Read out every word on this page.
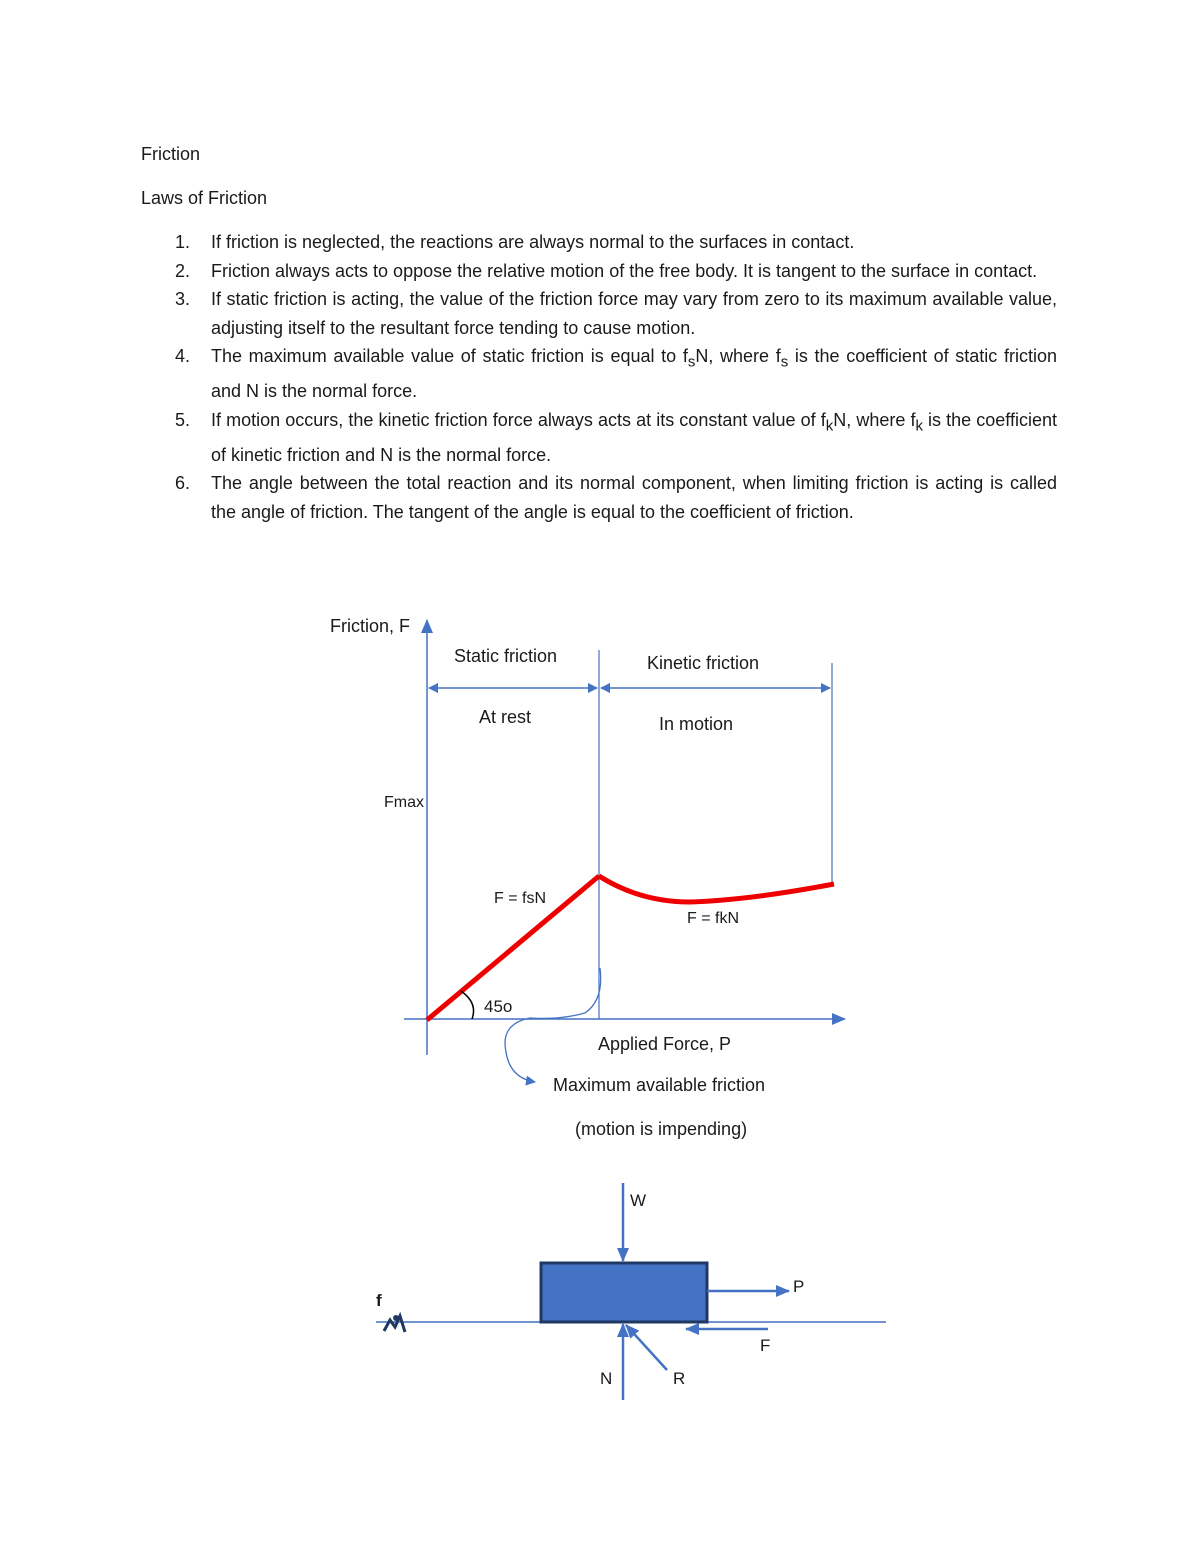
Friction
Laws of Friction
1. If friction is neglected, the reactions are always normal to the surfaces in contact.
2. Friction always acts to oppose the relative motion of the free body. It is tangent to the surface in contact.
3. If static friction is acting, the value of the friction force may vary from zero to its maximum available value, adjusting itself to the resultant force tending to cause motion.
4. The maximum available value of static friction is equal to $f_sN$, where $f_s$ is the coefficient of static friction and N is the normal force.
5. If motion occurs, the kinetic friction force always acts at its constant value of $f_kN$, where $f_k$ is the coefficient of kinetic friction and N is the normal force.
6. The angle between the total reaction and its normal component, when limiting friction is acting is called the angle of friction. The tangent of the angle is equal to the coefficient of friction.
Friction, F
Static friction	Kinetic friction
At rest	In motion
Fmax
F = fsN
F = fkN
45o
Applied Force, P
Maximum available friction
(motion is impending)
W
P
F
N	R
f
